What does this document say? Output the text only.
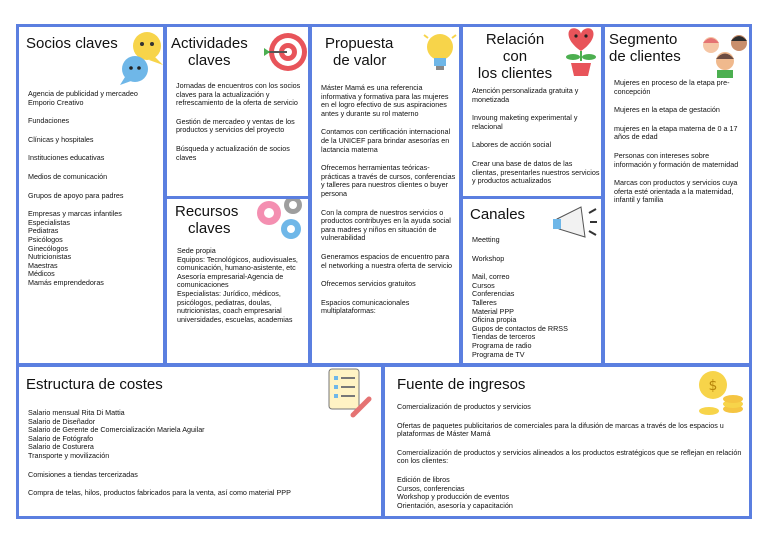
Socios claves

Agencia de publicidad y mercadeo Emporio Creativo

Fundaciones

Clínicas y hospitales

Instituciones educativas

Medios de comunicación

Grupos de apoyo para padres

Empresas y marcas infantiles
Especialistas
Pediatras
Psicólogos
Ginecólogos
Nutricionistas
Maestras
Médicos
Mamás emprendedoras
Actividades
claves

Jornadas de encuentros con los socios claves para la actualización y refrescamiento de la oferta de servicio

Gestión de mercadeo y ventas de los productos y servicios del proyecto

Búsqueda y actualización de socios claves

Recursos
claves
Sede propia
Equipos: Tecnológicos, audiovisuales, comunicación, humano-asistente, etc
Asesoría empresarial-Agencia de comunicaciones
Especialistas: Jurídico, médicos, psicólogos, pediatras, doulas, nutricionistas, coach empresarial universidades, escuelas, academias
Propuesta
de valor

Máster Mamá es una referencia informativa y formativa para las mujeres en el logro efectivo de sus aspiraciones antes y durante su rol materno

Contamos con certificación internacional de la UNICEF para brindar asesorías en lactancia materna

Ofrecemos herramientas teóricas-prácticas a través de cursos, conferencias y talleres para nuestros clientes o buyer persona

Con la compra de nuestros servicios o productos contribuyes en la ayuda social para madres y niños en situación de vulnerabilidad

Generamos espacios de encuentro para el networking a nuestra oferta de servicio

Ofrecemos servicios gratuitos

Espacios comunicacionales multiplataformas:

Relación
con
los clientes

Atención personalizada gratuita y monetizada

Invoung maketing experimental y relacional

Labores de acción social

Crear una base de datos de las clientas, presentarles nuestros servicios y productos actualizados

Canales

Meetting

Workshop

Mail, correo
Cursos
Conferencias
Talleres
Material PPP
Oficina propia
Gupos de contactos de RRSS
Tiendas de terceros
Programa de radio
Programa de TV
Segmento
de clientes

Mujeres en proceso de la etapa pre-concepción

Mujeres en la etapa de gestación

mujeres en la etapa materna de 0 a 17 años de edad

Personas con intereses sobre información y formación de maternidad

Marcas con productos y servicios cuya oferta esté orientada a la maternidad, infantil y familia

Estructura de costes
Salario mensual Rita Di Mattia
Salario de Diseñador
Salario de Gerente de Comercialización Mariela Aguilar
Salario de Fotógrafo
Salario de Costurera
Transporte y movilización

Comisiones a tiendas tercerizadas

Compra de telas, hilos, productos fabricados para la venta, así como material PPP

Fuente de ingresos	$

Comercialización de productos y servicios

Ofertas de paquetes publicitarios de comerciales para la difusión de marcas a través de los espacios u plataformas de Máster Mamá

Comercialización de productos y servicios alineados a los productos estratégicos que se reflejan en relación con los clientes:

Edición de libros
Cursos, conferencias
Workshop y producción de eventos
Orientación, asesoría y capacitación
